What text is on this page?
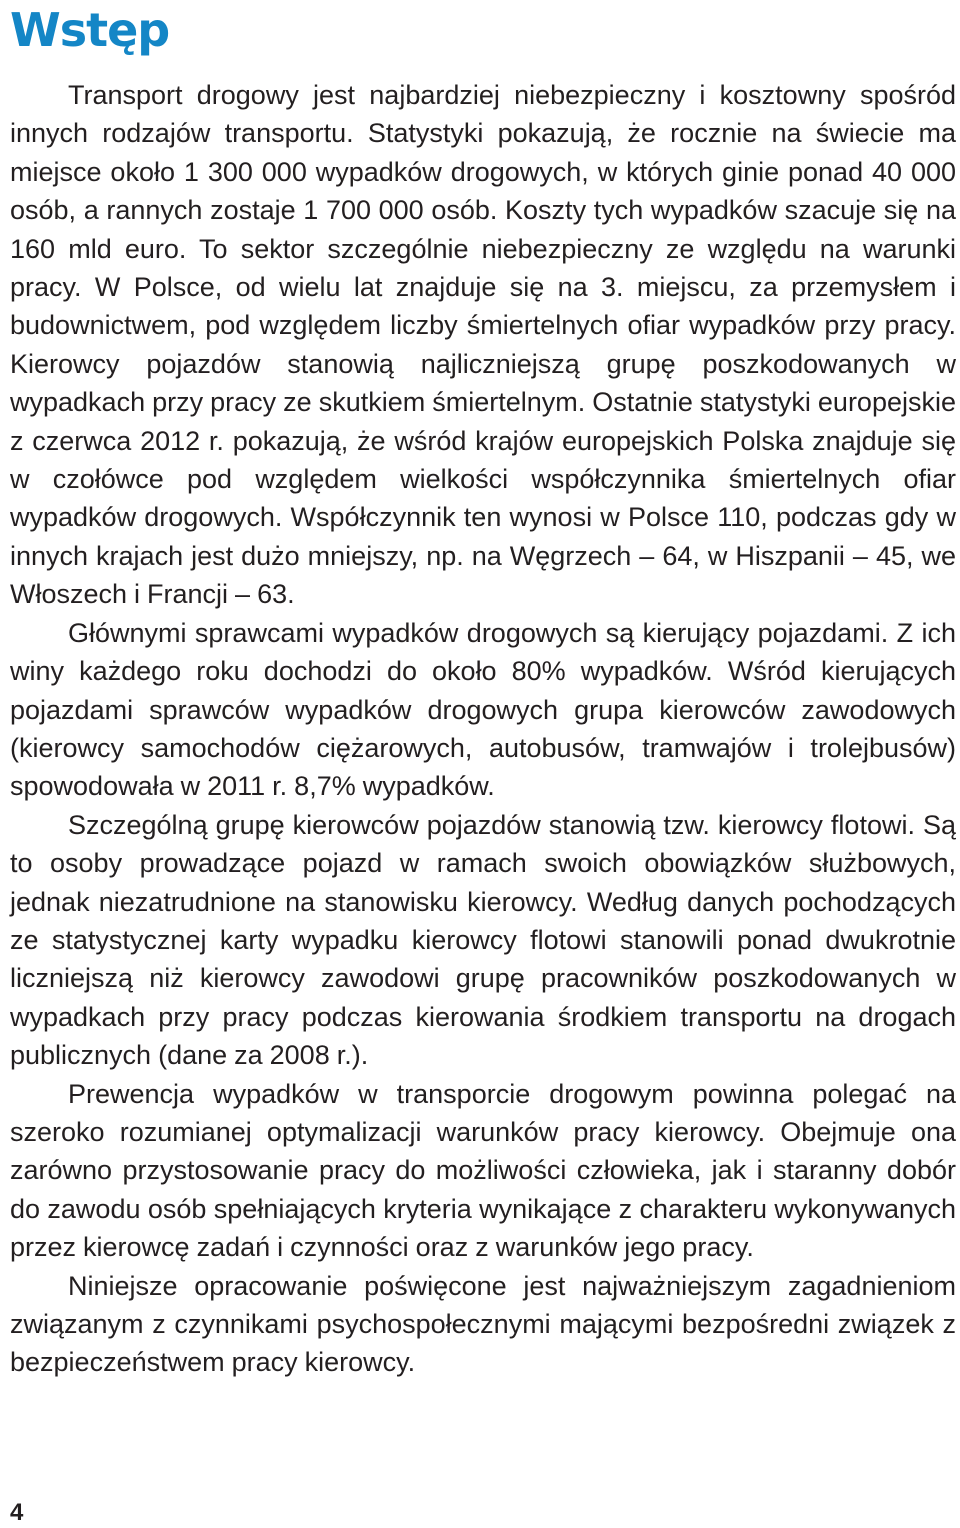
Wstęp

Transport drogowy jest najbardziej niebezpieczny i kosztowny spośród innych rodzajów transportu. Statystyki pokazują, że rocznie na świecie ma miejsce około 1 300 000 wypadków drogowych, w których ginie ponad 40 000 osób, a rannych zostaje 1 700 000 osób. Koszty tych wypadków szacuje się na 160 mld euro. To sektor szczególnie niebezpieczny ze względu na warunki pracy. W Polsce, od wielu lat znajduje się na 3. miejscu, za przemysłem i budownictwem, pod względem liczby śmiertelnych ofiar wypadków przy pracy. Kierowcy pojazdów stanowią najliczniejszą grupę poszkodowanych w wypadkach przy pracy ze skutkiem śmiertelnym. Ostatnie statystyki europejskie z czerwca 2012 r. pokazują, że wśród krajów europejskich Polska znajduje się w czołówce pod względem wielkości współczynnika śmiertelnych ofiar wypadków drogowych. Współczynnik ten wynosi w Polsce 110, podczas gdy w innych krajach jest dużo mniejszy, np. na Węgrzech – 64, w Hiszpanii – 45, we Włoszech i Francji – 63.

Głównymi sprawcami wypadków drogowych są kierujący pojazdami. Z ich winy każdego roku dochodzi do około 80% wypadków. Wśród kierujących pojazdami sprawców wypadków drogowych grupa kierowców zawodowych (kierowcy samochodów ciężarowych, autobusów, tramwajów i trolejbusów) spowodowała w 2011 r. 8,7% wypadków.

Szczególną grupę kierowców pojazdów stanowią tzw. kierowcy flotowi. Są to osoby prowadzące pojazd w ramach swoich obowiązków służbowych, jednak niezatrudnione na stanowisku kierowcy. Według danych pochodzących ze statystycznej karty wypadku kierowcy flotowi stanowili ponad dwukrotnie liczniejszą niż kierowcy zawodowi grupę pracowników poszkodowanych w wypadkach przy pracy podczas kierowania środkiem transportu na drogach publicznych (dane za 2008 r.).

Prewencja wypadków w transporcie drogowym powinna polegać na szeroko rozumianej optymalizacji warunków pracy kierowcy. Obejmuje ona zarówno przystosowanie pracy do możliwości człowieka, jak i staranny dobór do zawodu osób spełniających kryteria wynikające z charakteru wykonywanych przez kierowcę zadań i czynności oraz z warunków jego pracy.

Niniejsze opracowanie poświęcone jest najważniejszym zagadnieniom związanym z czynnikami psychospołecznymi mającymi bezpośredni związek z bezpieczeństwem pracy kierowcy.

4
